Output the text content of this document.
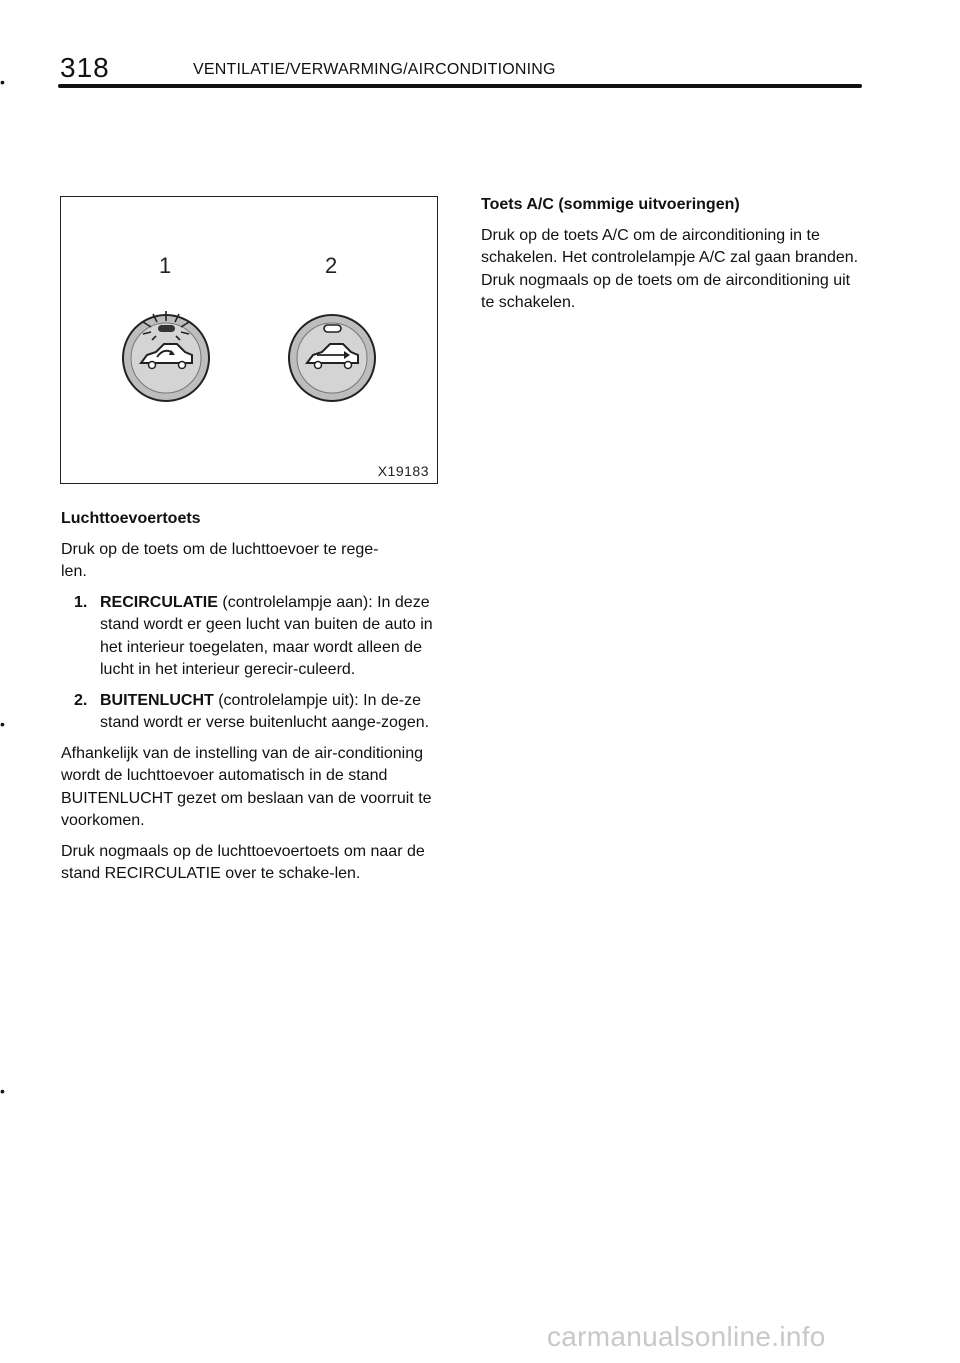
318	VENTILATIE/VERWARMING/AIRCONDITIONING
•
•
•
1	2
X19183
Luchttoevoertoets

Druk op de toets om de luchttoevoer te rege-
len.

1. RECIRCULATIE (controlelampje aan): In deze stand wordt er geen lucht van buiten de auto in het interieur toegelaten, maar wordt alleen de lucht in het interieur gerecir-culeerd.
2. BUITENLUCHT (controlelampje uit): In de-ze stand wordt er verse buitenlucht aange-zogen.

Afhankelijk van de instelling van de air-conditioning wordt de luchttoevoer automatisch in de stand BUITENLUCHT gezet om beslaan van de voorruit te voorkomen.

Druk nogmaals op de luchttoevoertoets om naar de stand RECIRCULATIE over te schake-len.

Toets A/C (sommige uitvoeringen)

Druk op de toets A/C om de airconditioning in te schakelen. Het controlelampje A/C zal gaan branden. Druk nogmaals op de toets om de airconditioning uit te schakelen.

carmanualsonline.info
